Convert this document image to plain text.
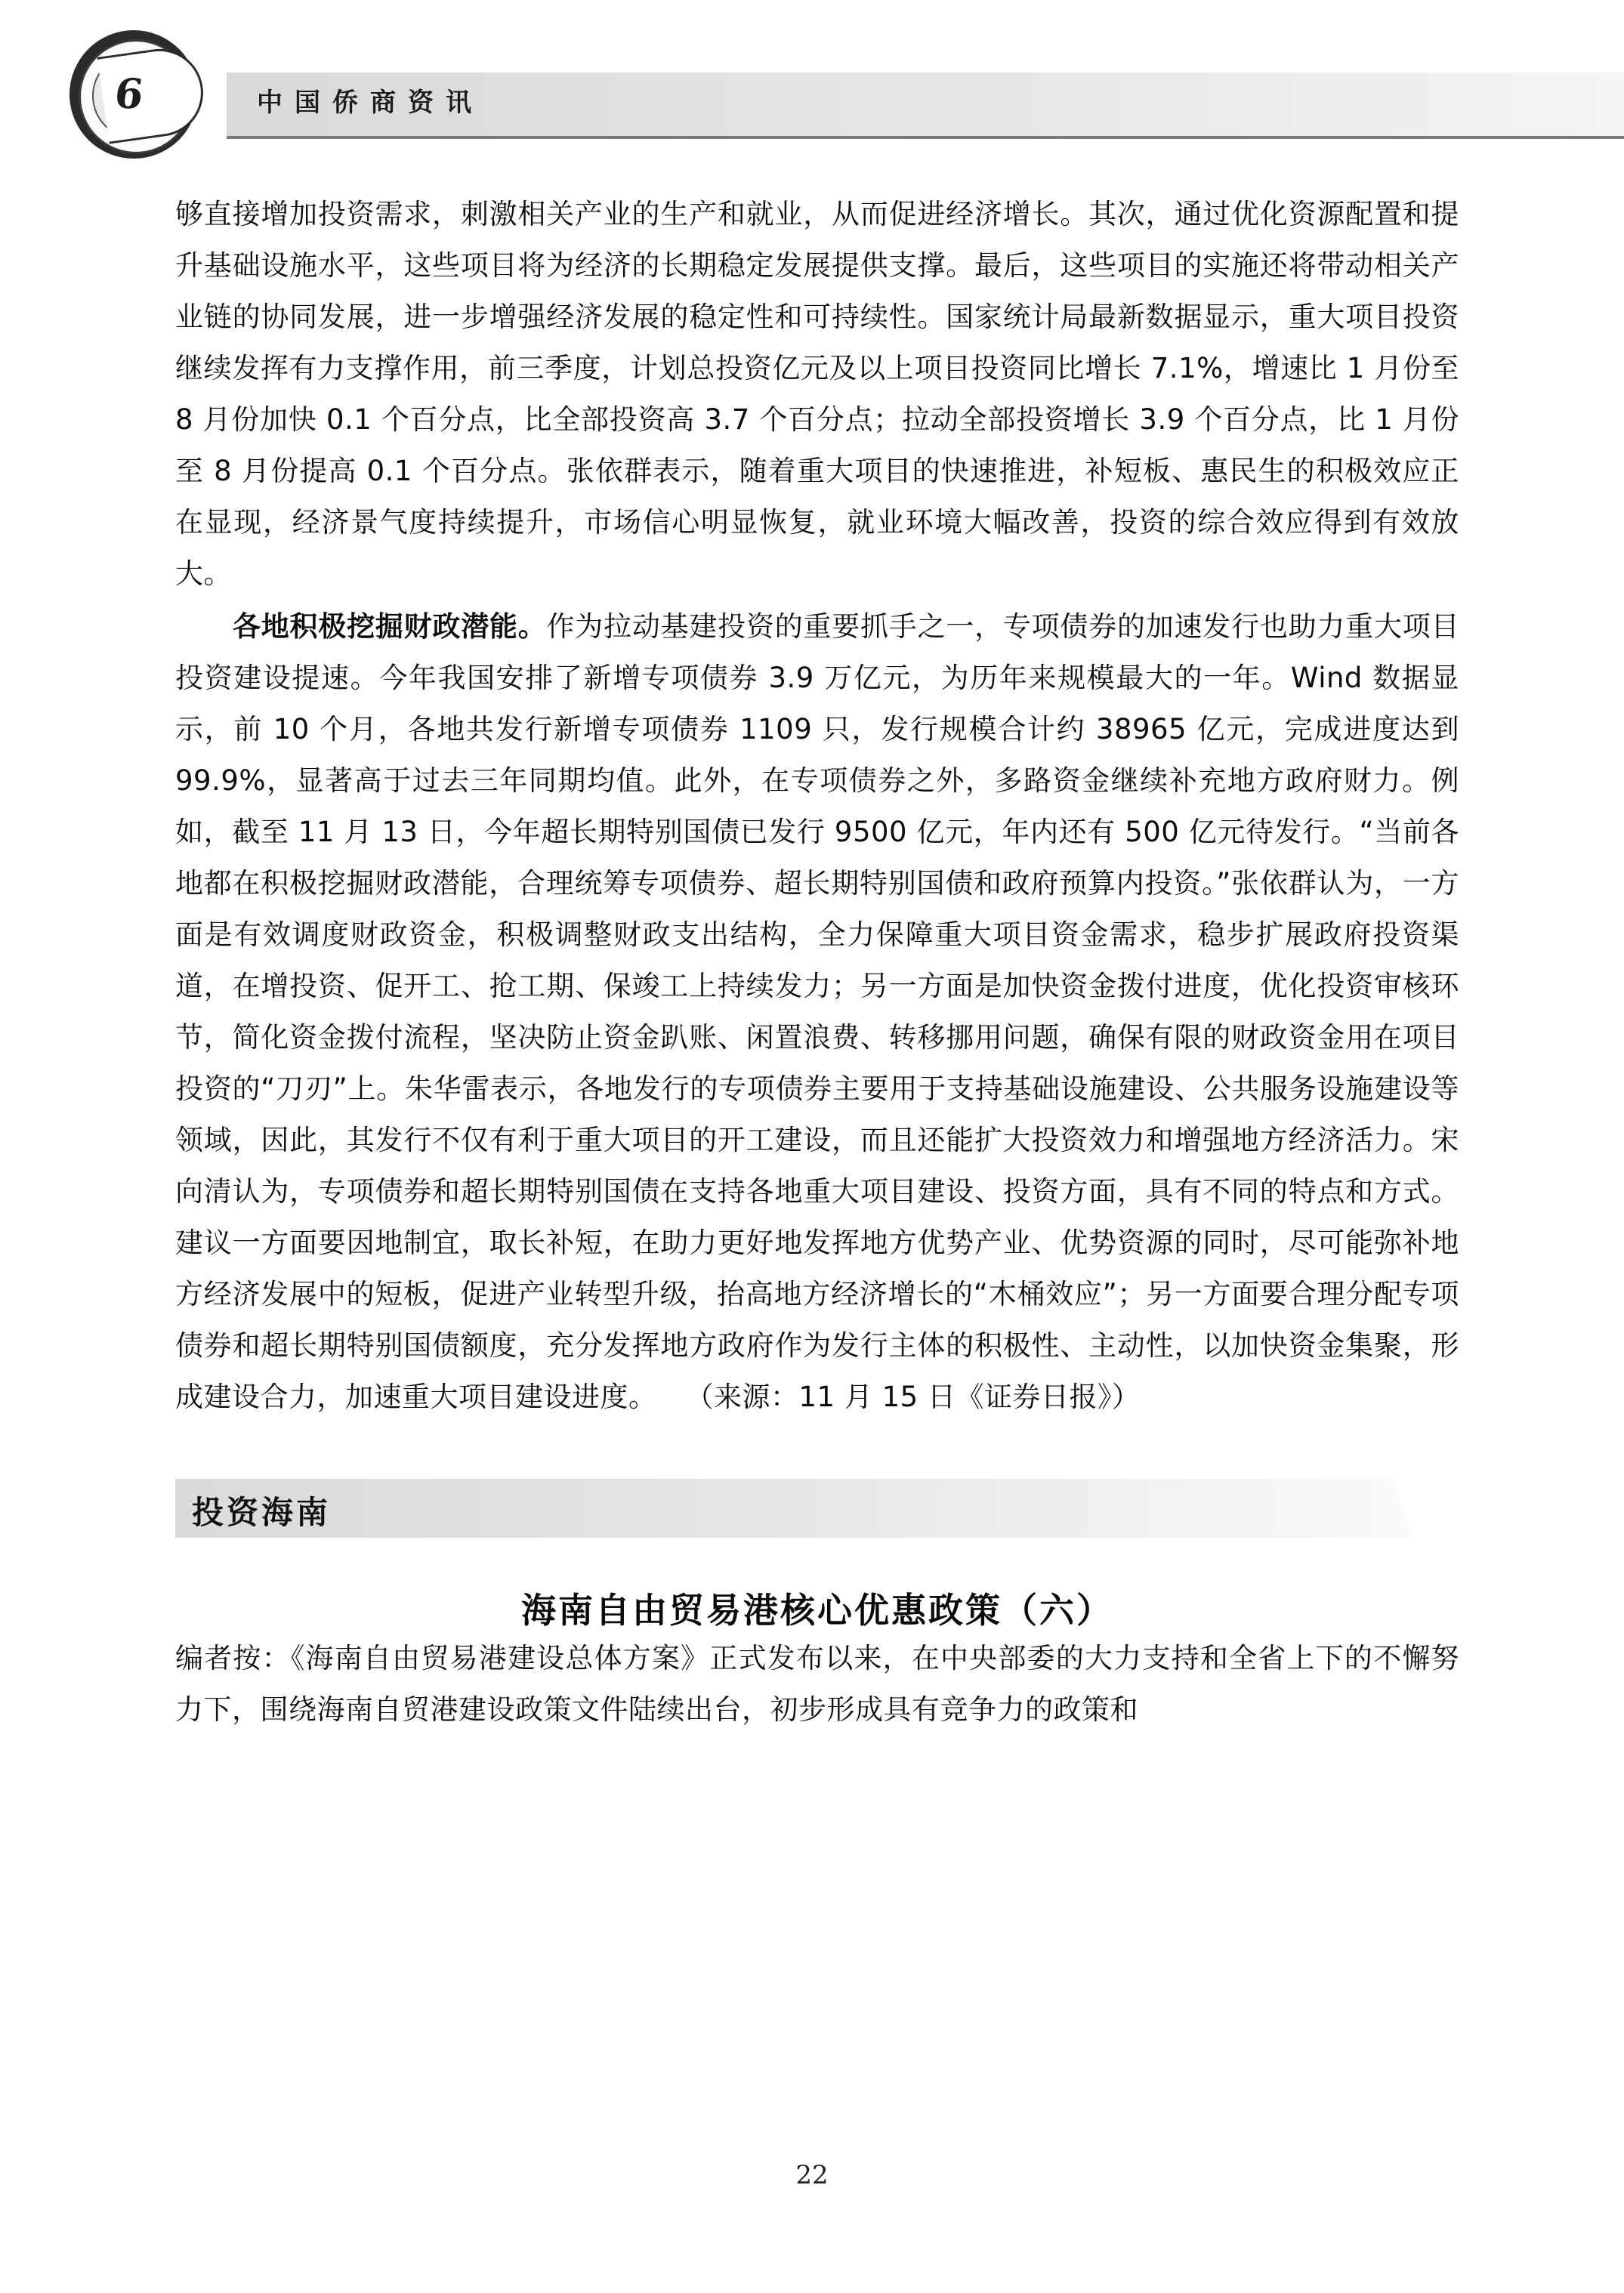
中国侨商资讯
6

够直接增加投资需求，刺激相关产业的生产和就业，从而促进经济增长。其次，通过优化资源配置和提升基础设施水平，这些项目将为经济的长期稳定发展提供支撑。最后，这些项目的实施还将带动相关产业链的协同发展，进一步增强经济发展的稳定性和可持续性。国家统计局最新数据显示，重大项目投资继续发挥有力支撑作用，前三季度，计划总投资亿元及以上项目投资同比增长 7.1%，增速比 1 月份至 8 月份加快 0.1 个百分点，比全部投资高 3.7 个百分点；拉动全部投资增长 3.9 个百分点，比 1 月份至 8 月份提高 0.1 个百分点。张依群表示，随着重大项目的快速推进，补短板、惠民生的积极效应正在显现，经济景气度持续提升，市场信心明显恢复，就业环境大幅改善，投资的综合效应得到有效放大。

各地积极挖掘财政潜能。作为拉动基建投资的重要抓手之一，专项债券的加速发行也助力重大项目投资建设提速。今年我国安排了新增专项债券 3.9 万亿元，为历年来规模最大的一年。Wind 数据显示，前 10 个月，各地共发行新增专项债券 1109 只，发行规模合计约 38965 亿元，完成进度达到 99.9%，显著高于过去三年同期均值。此外，在专项债券之外，多路资金继续补充地方政府财力。例如，截至 11 月 13 日，今年超长期特别国债已发行 9500 亿元，年内还有 500 亿元待发行。“当前各地都在积极挖掘财政潜能，合理统筹专项债券、超长期特别国债和政府预算内投资。”张依群认为，一方面是有效调度财政资金，积极调整财政支出结构，全力保障重大项目资金需求，稳步扩展政府投资渠道，在增投资、促开工、抢工期、保竣工上持续发力；另一方面是加快资金拨付进度，优化投资审核环节，简化资金拨付流程，坚决防止资金趴账、闲置浪费、转移挪用问题，确保有限的财政资金用在项目投资的“刀刃”上。朱华雷表示，各地发行的专项债券主要用于支持基础设施建设、公共服务设施建设等领域，因此，其发行不仅有利于重大项目的开工建设，而且还能扩大投资效力和增强地方经济活力。宋向清认为，专项债券和超长期特别国债在支持各地重大项目建设、投资方面，具有不同的特点和方式。建议一方面要因地制宜，取长补短，在助力更好地发挥地方优势产业、优势资源的同时，尽可能弥补地方经济发展中的短板，促进产业转型升级，抬高地方经济增长的“木桶效应”；另一方面要合理分配专项债券和超长期特别国债额度，充分发挥地方政府作为发行主体的积极性、主动性，以加快资金集聚，形成建设合力，加速重大项目建设进度。　　（来源：11 月 15 日《证券日报》）

投资海南
海南自由贸易港核心优惠政策（六）

编者按：《海南自由贸易港建设总体方案》正式发布以来，在中央部委的大力支持和全省上下的不懈努力下，围绕海南自贸港建设政策文件陆续出台，初步形成具有竞争力的政策和

22
